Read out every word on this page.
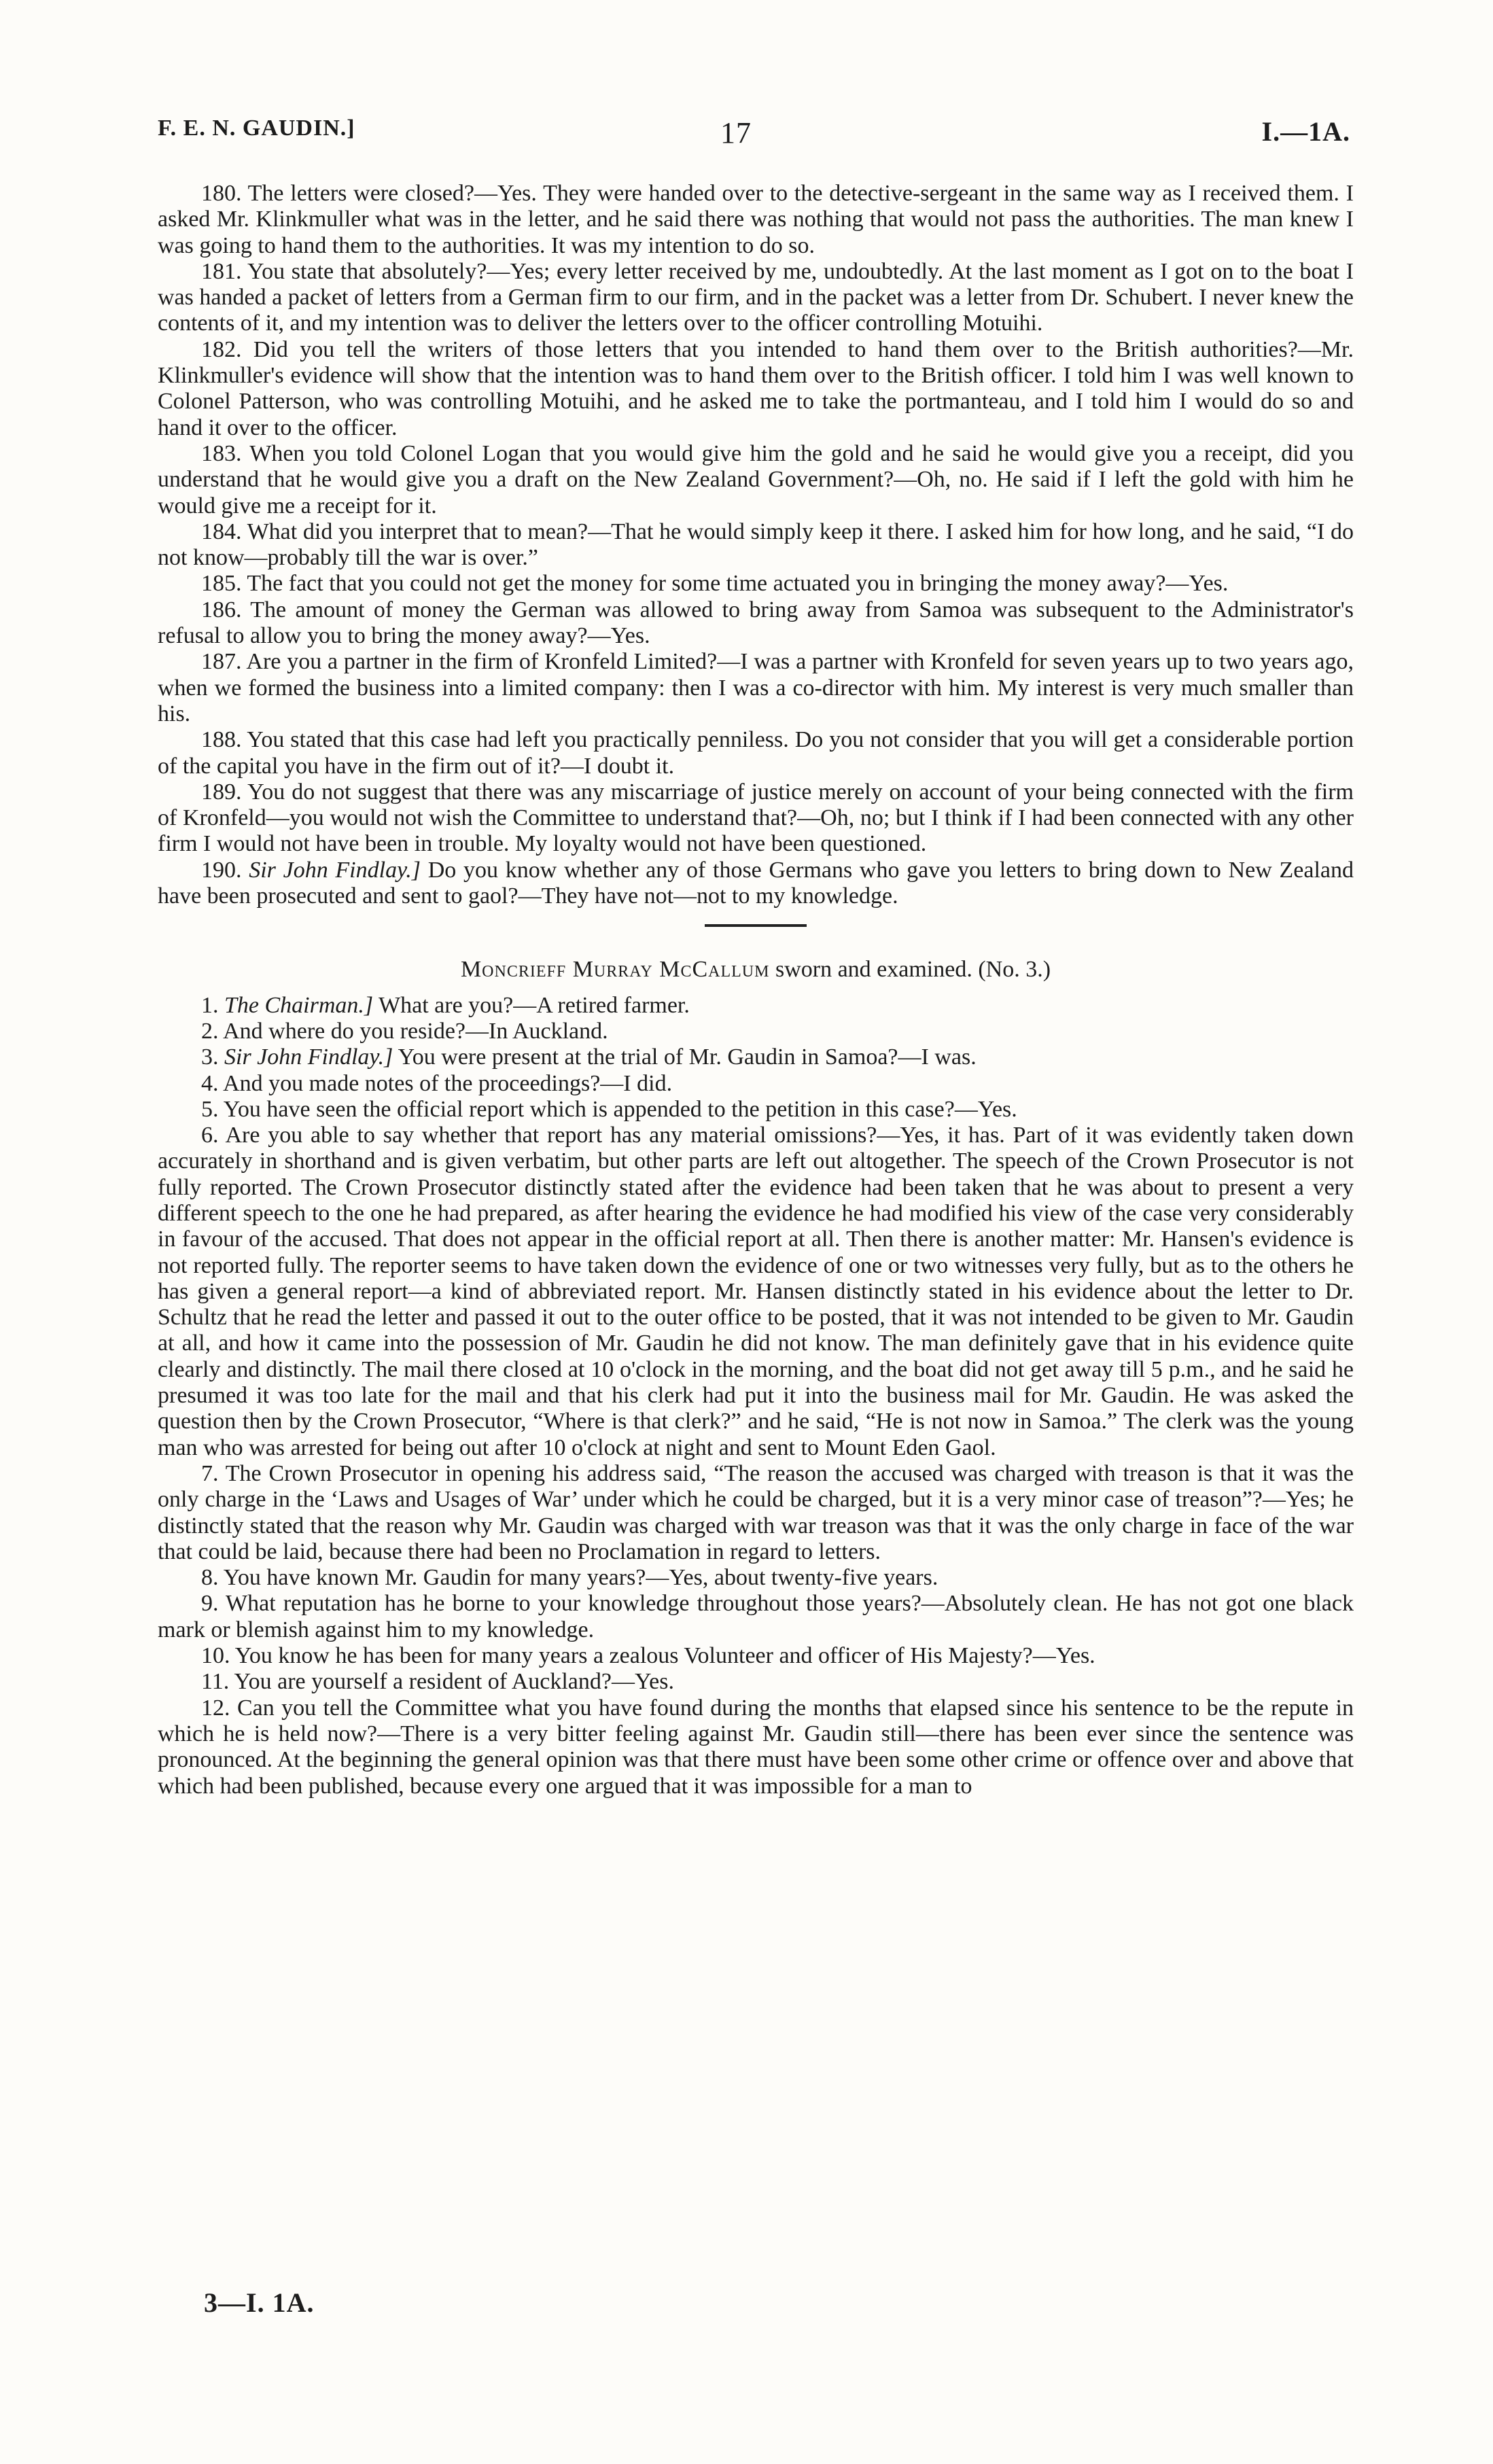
F. E. N. GAUDIN.]	17	I.—1A.

180. The letters were closed?—Yes. They were handed over to the detective-sergeant in the same way as I received them. I asked Mr. Klinkmuller what was in the letter, and he said there was nothing that would not pass the authorities. The man knew I was going to hand them to the authorities. It was my intention to do so.

181. You state that absolutely?—Yes; every letter received by me, undoubtedly. At the last moment as I got on to the boat I was handed a packet of letters from a German firm to our firm, and in the packet was a letter from Dr. Schubert. I never knew the contents of it, and my intention was to deliver the letters over to the officer controlling Motuihi.

182. Did you tell the writers of those letters that you intended to hand them over to the British authorities?—Mr. Klinkmuller's evidence will show that the intention was to hand them over to the British officer. I told him I was well known to Colonel Patterson, who was controlling Motuihi, and he asked me to take the portmanteau, and I told him I would do so and hand it over to the officer.

183. When you told Colonel Logan that you would give him the gold and he said he would give you a receipt, did you understand that he would give you a draft on the New Zealand Government?—Oh, no. He said if I left the gold with him he would give me a receipt for it.

184. What did you interpret that to mean?—That he would simply keep it there. I asked him for how long, and he said, “I do not know—probably till the war is over.”

185. The fact that you could not get the money for some time actuated you in bringing the money away?—Yes.

186. The amount of money the German was allowed to bring away from Samoa was subsequent to the Administrator's refusal to allow you to bring the money away?—Yes.

187. Are you a partner in the firm of Kronfeld Limited?—I was a partner with Kronfeld for seven years up to two years ago, when we formed the business into a limited company: then I was a co-director with him. My interest is very much smaller than his.

188. You stated that this case had left you practically penniless. Do you not consider that you will get a considerable portion of the capital you have in the firm out of it?—I doubt it.

189. You do not suggest that there was any miscarriage of justice merely on account of your being connected with the firm of Kronfeld—you would not wish the Committee to understand that?—Oh, no; but I think if I had been connected with any other firm I would not have been in trouble. My loyalty would not have been questioned.

190. Sir John Findlay.] Do you know whether any of those Germans who gave you letters to bring down to New Zealand have been prosecuted and sent to gaol?—They have not—not to my knowledge.

Moncrieff Murray McCallum sworn and examined. (No. 3.)

1. The Chairman.] What are you?—A retired farmer.

2. And where do you reside?—In Auckland.

3. Sir John Findlay.] You were present at the trial of Mr. Gaudin in Samoa?—I was.

4. And you made notes of the proceedings?—I did.

5. You have seen the official report which is appended to the petition in this case?—Yes.

6. Are you able to say whether that report has any material omissions?—Yes, it has. Part of it was evidently taken down accurately in shorthand and is given verbatim, but other parts are left out altogether. The speech of the Crown Prosecutor is not fully reported. The Crown Prosecutor distinctly stated after the evidence had been taken that he was about to present a very different speech to the one he had prepared, as after hearing the evidence he had modified his view of the case very considerably in favour of the accused. That does not appear in the official report at all. Then there is another matter: Mr. Hansen's evidence is not reported fully. The reporter seems to have taken down the evidence of one or two witnesses very fully, but as to the others he has given a general report—a kind of abbreviated report. Mr. Hansen distinctly stated in his evidence about the letter to Dr. Schultz that he read the letter and passed it out to the outer office to be posted, that it was not intended to be given to Mr. Gaudin at all, and how it came into the possession of Mr. Gaudin he did not know. The man definitely gave that in his evidence quite clearly and distinctly. The mail there closed at 10 o'clock in the morning, and the boat did not get away till 5 p.m., and he said he presumed it was too late for the mail and that his clerk had put it into the business mail for Mr. Gaudin. He was asked the question then by the Crown Prosecutor, “Where is that clerk?” and he said, “He is not now in Samoa.” The clerk was the young man who was arrested for being out after 10 o'clock at night and sent to Mount Eden Gaol.

7. The Crown Prosecutor in opening his address said, “The reason the accused was charged with treason is that it was the only charge in the ‘Laws and Usages of War’ under which he could be charged, but it is a very minor case of treason”?—Yes; he distinctly stated that the reason why Mr. Gaudin was charged with war treason was that it was the only charge in face of the war that could be laid, because there had been no Proclamation in regard to letters.

8. You have known Mr. Gaudin for many years?—Yes, about twenty-five years.

9. What reputation has he borne to your knowledge throughout those years?—Absolutely clean. He has not got one black mark or blemish against him to my knowledge.

10. You know he has been for many years a zealous Volunteer and officer of His Majesty?—Yes.

11. You are yourself a resident of Auckland?—Yes.

12. Can you tell the Committee what you have found during the months that elapsed since his sentence to be the repute in which he is held now?—There is a very bitter feeling against Mr. Gaudin still—there has been ever since the sentence was pronounced. At the beginning the general opinion was that there must have been some other crime or offence over and above that which had been published, because every one argued that it was impossible for a man to

3—I. 1A.
